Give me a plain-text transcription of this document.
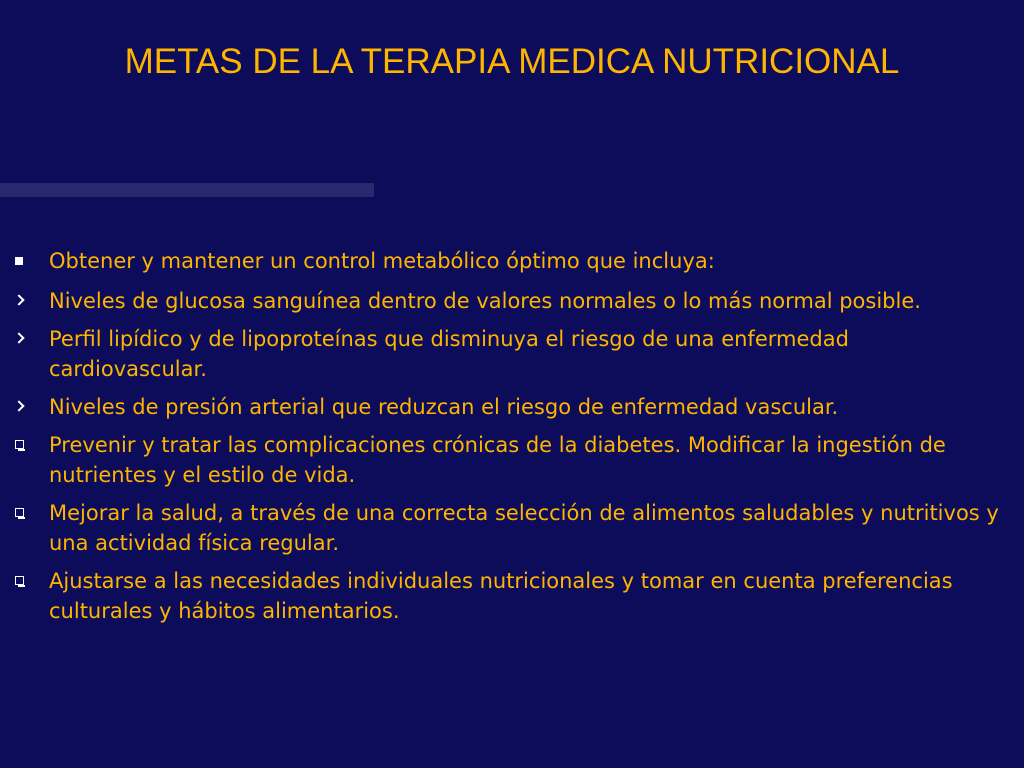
METAS DE LA TERAPIA MEDICA NUTRICIONAL
Obtener y mantener un control metabólico óptimo que incluya:
Niveles de glucosa sanguínea dentro de valores normales o lo más normal posible.
Perfil lipídico y de lipoproteínas que disminuya el riesgo de una enfermedad cardiovascular.
Niveles de presión arterial que reduzcan el riesgo de enfermedad vascular.
Prevenir y tratar las complicaciones crónicas de la diabetes. Modificar la ingestión de nutrientes y el estilo de vida.
Mejorar la salud, a través de una correcta selección de alimentos saludables y nutritivos y una actividad física regular.
Ajustarse a las necesidades individuales nutricionales y tomar en cuenta preferencias culturales y hábitos alimentarios.
